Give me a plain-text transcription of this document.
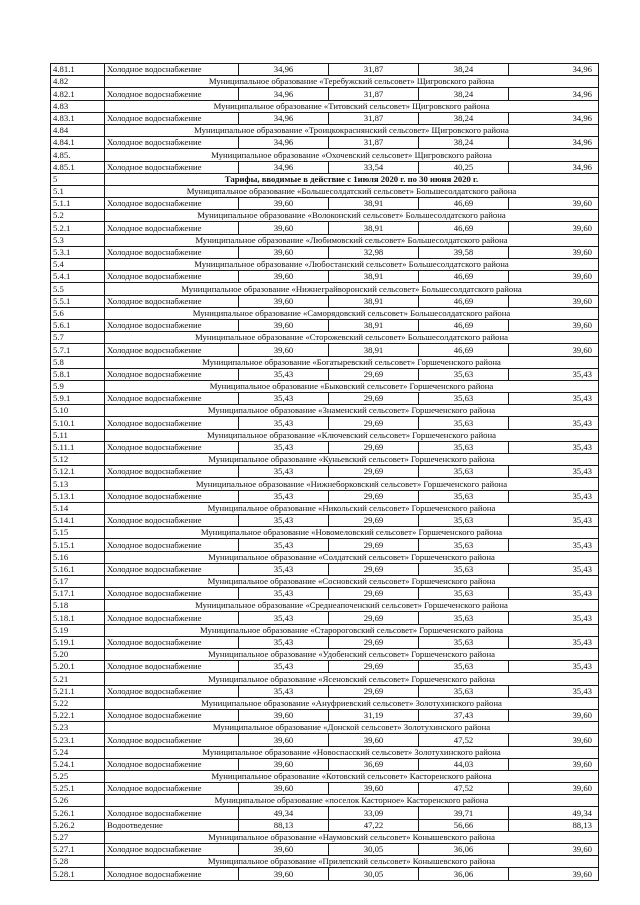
4.81.1	Холодное водоснабжение	34,96	31,87	38,24	34,96
4.82	Муниципальное образование «Теребужский сельсовет» Щигровского района				
4.82.1	Холодное водоснабжение	34,96	31,87	38,24	34,96
4.83	Муниципальное образование «Титовский сельсовет» Щигровского района				
4.83.1	Холодное водоснабжение	34,96	31,87	38,24	34,96
4.84	Муниципальное образование «Троицкокраснянский сельсовет» Щигровского района				
4.84.1	Холодное водоснабжение	34,96	31,87	38,24	34,96
4.85.	Муниципальное образование «Охочевский сельсовет» Щигровского района				
4.85.1	Холодное водоснабжение	34,96	33,54	40,25	34,96
5	Тарифы, вводимые в действие с 1июля 2020 г. по 30 июня 2020 г.				
5.1	Муниципальное образование «Большесолдатский сельсовет» Большесолдатского района				
5.1.1	Холодное водоснабжение	39,60	38,91	46,69	39,60
5.2	Муниципальное образование «Волоконский сельсовет» Большесолдатского района				
5.2.1	Холодное водоснабжение	39,60	38,91	46,69	39,60
5.3	Муниципальное образование «Любимовский сельсовет» Большесолдатского района				
5.3.1	Холодное водоснабжение	39,60	32,98	39,58	39,60
5.4	Муниципальное образование «Любостанский сельсовет» Большесолдатского района				
5.4.1	Холодное водоснабжение	39,60	38,91	46,69	39,60
5.5	Муниципальное образование «Нижнеграйворонский сельсовет» Большесолдатского района				
5.5.1	Холодное водоснабжение	39,60	38,91	46,69	39,60
5.6	Муниципальное образование «Саморядовский сельсовет» Большесолдатского района				
5.6.1	Холодное водоснабжение	39,60	38,91	46,69	39,60
5.7	Муниципальное образование «Сторожевский сельсовет» Большесолдатского района				
5.7.1	Холодное водоснабжение	39,60	38,91	46,69	39,60
5.8	Муниципальное образование «Богатыревский сельсовет» Горшеченского района				
5.8.1	Холодное водоснабжение	35,43	29,69	35,63	35,43
5.9	Муниципальное образование «Быковский сельсовет» Горшеченского района				
5.9.1	Холодное водоснабжение	35,43	29,69	35,63	35,43
5.10	Муниципальное образование «Знаменский сельсовет» Горшеченского района				
5.10.1	Холодное водоснабжение	35,43	29,69	35,63	35,43
5.11	Муниципальное образование «Ключевский сельсовет» Горшеченского района				
5.11.1	Холодное водоснабжение	35,43	29,69	35,63	35,43
5.12	Муниципальное образование «Куньевский сельсовет» Горшеченского района				
5.12.1	Холодное водоснабжение	35,43	29,69	35,63	35,43
5.13	Муниципальное образование «Нижнеборковский сельсовет» Горшеченского района				
5.13.1	Холодное водоснабжение	35,43	29,69	35,63	35,43
5.14	Муниципальное образование «Никольский сельсовет» Горшеченского района				
5.14.1	Холодное водоснабжение	35,43	29,69	35,63	35,43
5.15	Муниципальное образование «Новомеловский сельсовет» Горшеченского района				
5.15.1	Холодное водоснабжение	35,43	29,69	35,63	35,43
5.16	Муниципальное образование «Солдатский сельсовет» Горшеченского района				
5.16.1	Холодное водоснабжение	35,43	29,69	35,63	35,43
5.17	Муниципальное образование «Сосновский сельсовет» Горшеченского района				
5.17.1	Холодное водоснабжение	35,43	29,69	35,63	35,43
5.18	Муниципальное образование «Среднеапоченский сельсовет» Горшеченского района				
5.18.1	Холодное водоснабжение	35,43	29,69	35,63	35,43
5.19	Муниципальное образование «Старороговский сельсовет» Горшеченского района				
5.19.1	Холодное водоснабжение	35,43	29,69	35,63	35,43
5.20	Муниципальное образование «Удобенский сельсовет» Горшеченского района				
5.20.1	Холодное водоснабжение	35,43	29,69	35,63	35,43
5.21	Муниципальное образование «Ясеновский сельсовет» Горшеченского района				
5.21.1	Холодное водоснабжение	35,43	29,69	35,63	35,43
5.22	Муниципальное образование «Ануфриевский сельсовет» Золотухинского района				
5.22.1	Холодное водоснабжение	39,60	31,19	37,43	39,60
5.23	Муниципальное образование «Донской сельсовет» Золотухинского района				
5.23.1	Холодное водоснабжение	39,60	39,60	47,52	39,60
5.24	Муниципальное образование «Новоспасский сельсовет» Золотухинского района				
5.24.1	Холодное водоснабжение	39,60	36,69	44,03	39,60
5.25	Муниципальное образование «Котовский сельсовет» Касторенского района				
5.25.1	Холодное водоснабжение	39,60	39,60	47,52	39,60
5.26	Муниципальное образование «поселок Касторное» Касторенского района				
5.26.1	Холодное водоснабжение	49,34	33,09	39,71	49,34
5.26.2	Водоотведение	88,13	47,22	56,66	88,13
5.27	Муниципальное образование «Наумовский сельсовет» Конышевского района				
5.27.1	Холодное водоснабжение	39,60	30,05	36,06	39,60
5.28	Муниципальное образование «Прилепский сельсовет» Конышевского района				
5.28.1	Холодное водоснабжение	39,60	30,05	36,06	39,60
